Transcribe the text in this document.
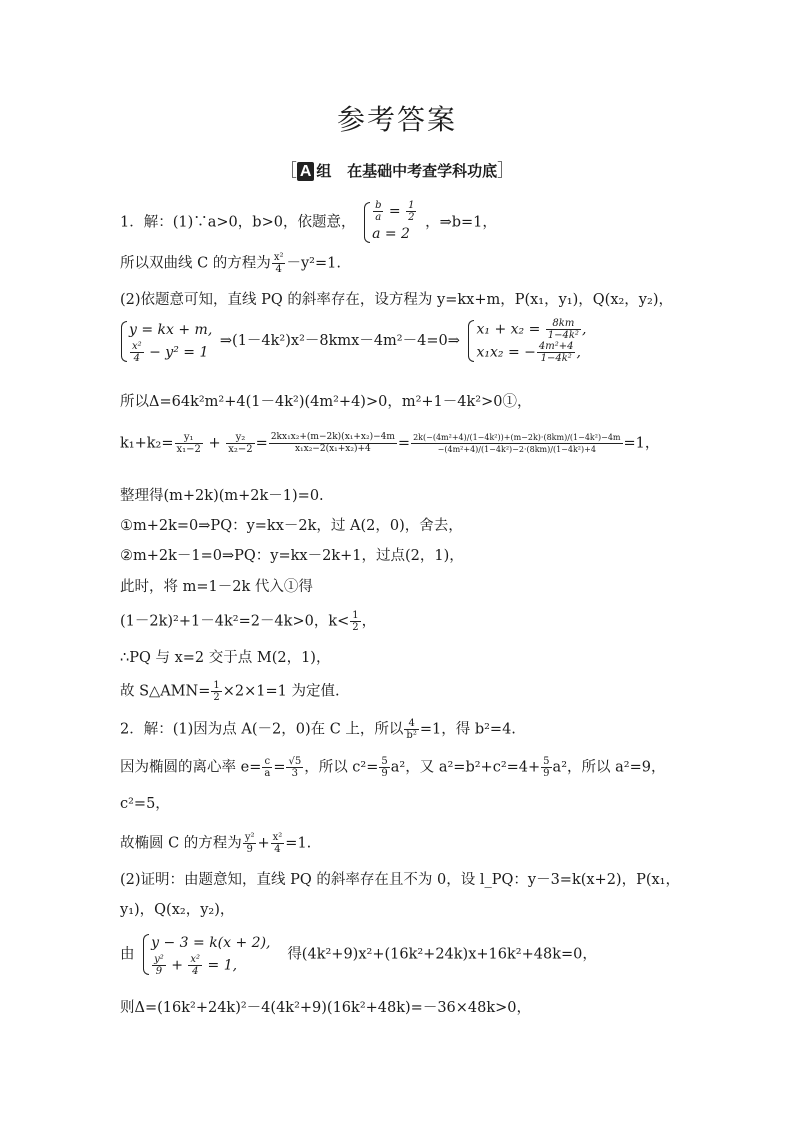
参考答案
［ A 组 在基础中考查学科功底］
1．解：(1)∵a>0，b>0，依题意， $\frac{b}{a} = \frac{1}{2}$
a = 2
，⇒b=1，
所以双曲线 C 的方程为 $\frac{\text{x²}}{4} -y^2=1$.
(2)依题意可知，直线 PQ 的斜率存在，设方程为 y=kx+m，P(x₁，y₁)，Q(x₂，y₂)，
y = kx + m,
$\frac{\text{x²}}{4} - y^2 = 1$
⇒(1－4k²)x²－8kmx－4m²－4=0⇒
$x_1 + x_2 = \frac{8km}{\text{1−4k²}}$ ,
x₁x₂ = − $\frac{\text{4m²+4}}{\text{1−4k²}}$ ,
所以Δ=64k²m²+4(1－4k²)(4m²+4)>0，m²+1－4k²>0①，
$k_1+k_2= \frac{\text{y₁}}{\text{x₁−2}} + \frac{\text{y₂}}{\text{x₂−2}} = \frac{\text{2kx₁x₂+(m−2k)(x₁+x₂)−4m}}{\text{x₁x₂−2(x₁+x₂)+4}} = \frac{\text{2k(−(4m²+4)/(1−4k²))+(m−2k)·(8km)/(1−4k²)−4m}}{\text{−(4m²+4)/(1−4k²)−2·(8km)/(1−4k²)+4}} =1$，
整理得(m+2k)(m+2k－1)=0.
①m+2k=0⇒PQ：y=kx－2k，过 A(2，0)，舍去，
②m+2k－1=0⇒PQ：y=kx－2k+1，过点(2，1)，
此时，将 m=1－2k 代入①得
(1－2k)²+1－4k²=2－4k>0，$k< \frac{1}{2}$ ，
∴PQ 与 x=2 交于点 M(2，1)，
故 S△AMN= $\frac{1}{2} \times 2\times 1=1$ 为定值.
2．解：(1)因为点 A(－2，0)在 C 上，所以 $\frac{4}{\text{b²}} =1$，得 b²=4.
因为椭圆的离心率 $e= \frac{c}{a} = \frac{√5}{3}$ ，所以 $c^2= \frac{5}{9} a^2$，又 $a^2=b^2+c^2=4+ \frac{5}{9} a^2$，所以 a²=9，
c²=5，
故椭圆 C 的方程为 $\frac{\text{y²}}{9} + \frac{\text{x²}}{4} =1$.
(2)证明：由题意知，直线 PQ 的斜率存在且不为 0，设 l_PQ：y－3=k(x+2)，P(x₁，
y₁)，Q(x₂，y₂)，
由
y − 3 = k(x + 2),
$\frac{\text{y²}}{9} + \frac{\text{x²}}{4} = 1$,
得(4k²+9)x²+(16k²+24k)x+16k²+48k=0，
则Δ=(16k²+24k)²－4(4k²+9)(16k²+48k)=－36×48k>0，
